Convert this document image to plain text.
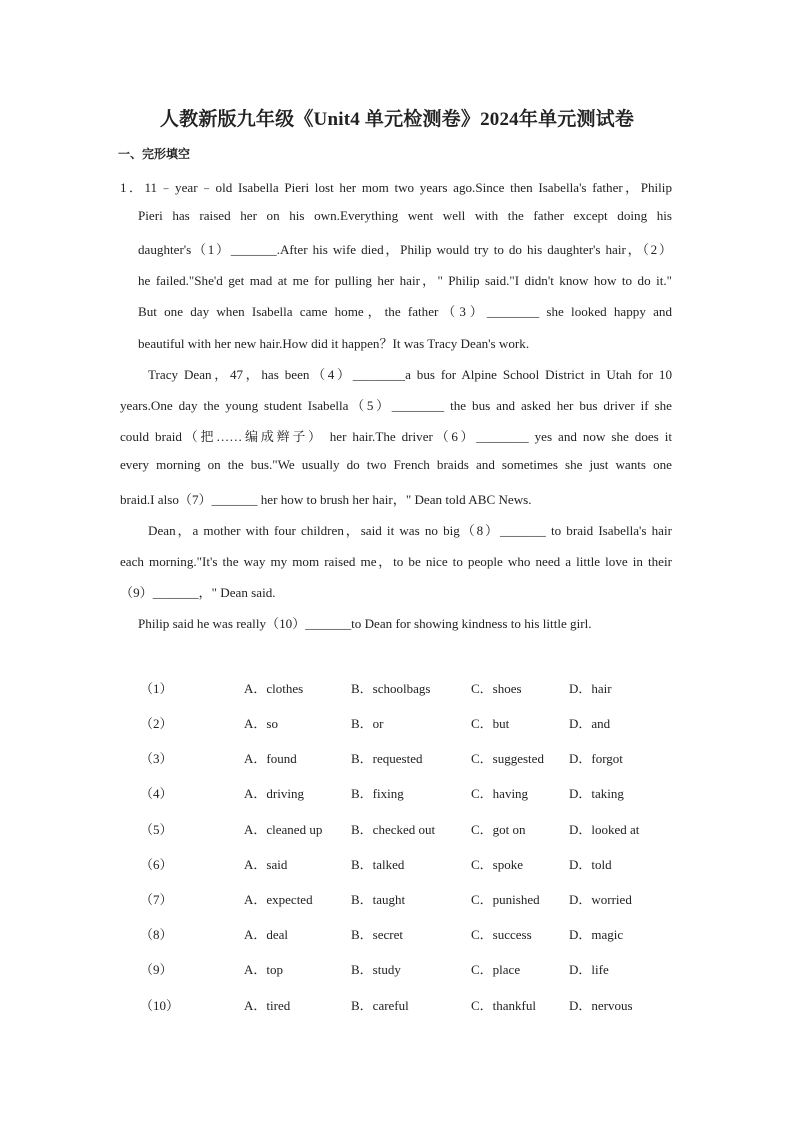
人教新版九年级《Unit4 单元检测卷》2024年单元测试卷
一、完形填空
1．11﹣year﹣old Isabella Pieri lost her mom two years ago.Since then Isabella's father，Philip
Pieri has raised her on his own.Everything went well with the father except doing his
daughter's（1）_______.After his wife died，Philip would try to do his daughter's hair，（2）
he failed."She'd get mad at me for pulling her hair，" Philip said."I didn't know how to do it."
But one day when Isabella came home，the father（3）________ she looked happy and
beautiful with her new hair.How did it happen？It was Tracy Dean's work.
Tracy Dean，47，has been（4）________a bus for Alpine School District in Utah for 10
years.One day the young student Isabella（5）________ the bus and asked her bus driver if she
could braid（把……编成辫子） her hair.The driver（6）________ yes and now she does it
every morning on the bus."We usually do two French braids and sometimes she just wants one
braid.I also（7）_______ her how to brush her hair，" Dean told ABC News.
Dean，a mother with four children，said it was no big（8）_______ to braid Isabella's hair
each morning."It's the way my mom raised me，to be nice to people who need a little love in their
（9）_______，" Dean said.
Philip said he was really（10）_______to Dean for showing kindness to his little girl.
（1）	A．clothes	B．schoolbags	C．shoes	D．hair
（2）	A．so	B．or	C．but	D．and
（3）	A．found	B．requested	C．suggested D．forgot
（4）	A．driving	B．fixing	C．having	D．taking
（5）	A．cleaned up B．checked out	C．got on	D．looked at
（6）	A．said	B．talked	C．spoke	D．told
（7）	A．expected	B．taught	C．punished D．worried
（8）	A．deal	B．secret	C．success	D．magic
（9）	A．top	B．study	C．place	D．life
（10）	A．tired	B．careful	C．thankful	D．nervous
